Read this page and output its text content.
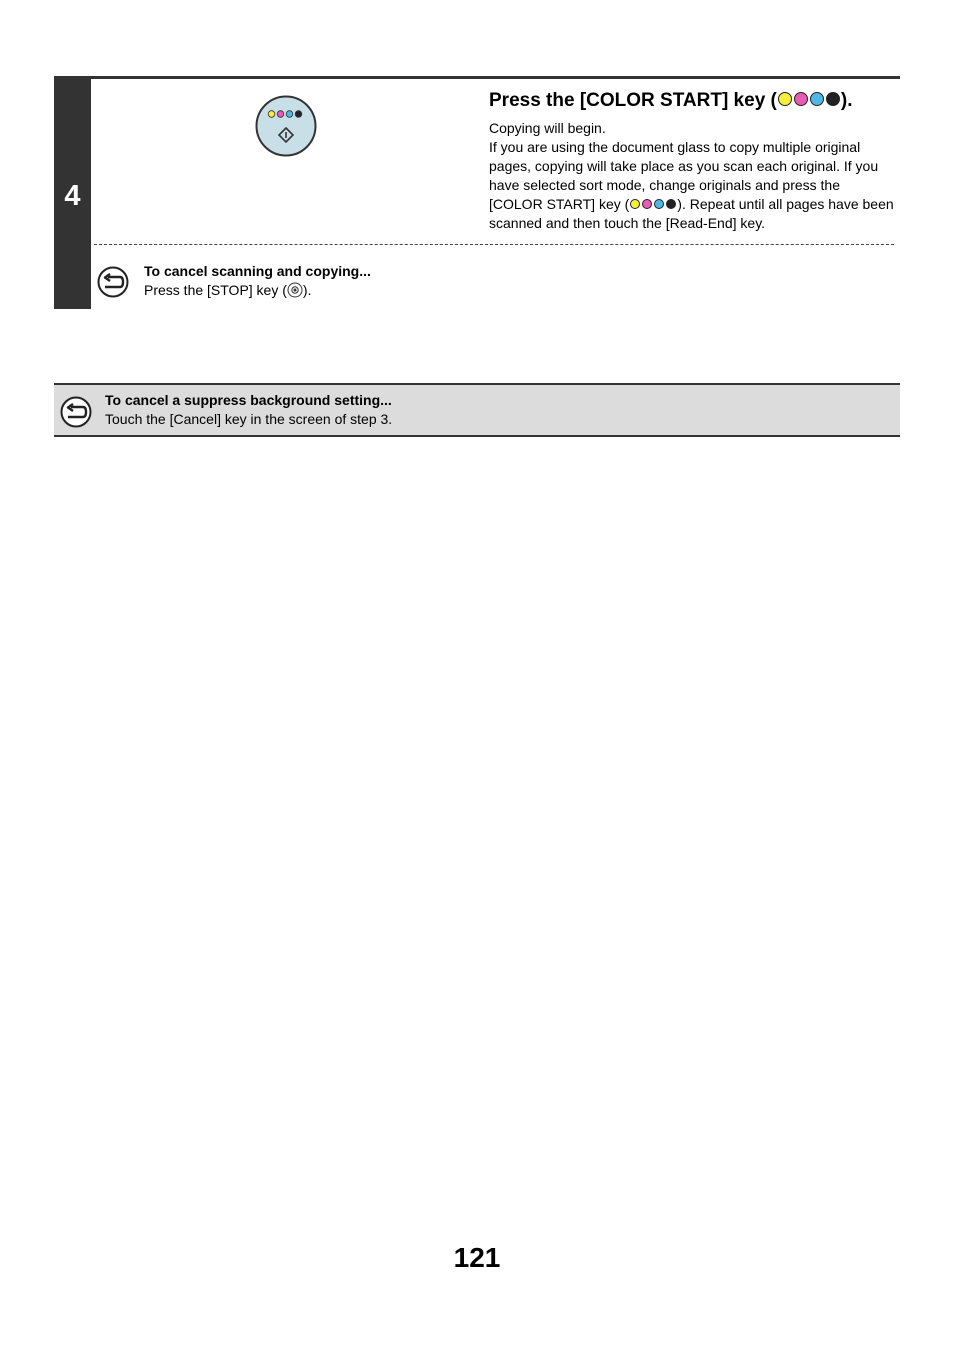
4

Press the [COLOR START] key (	).

Copying will begin.

If you are using the document glass to copy multiple original pages, copying will take place as you scan each original. If you have selected sort mode, change originals and press the [COLOR START] key (	). Repeat until all pages have been scanned and then touch the [Read-End] key.

To cancel scanning and copying...

Press the [STOP] key ( ).

To cancel a suppress background setting...

Touch the [Cancel] key in the screen of step 3.

121
